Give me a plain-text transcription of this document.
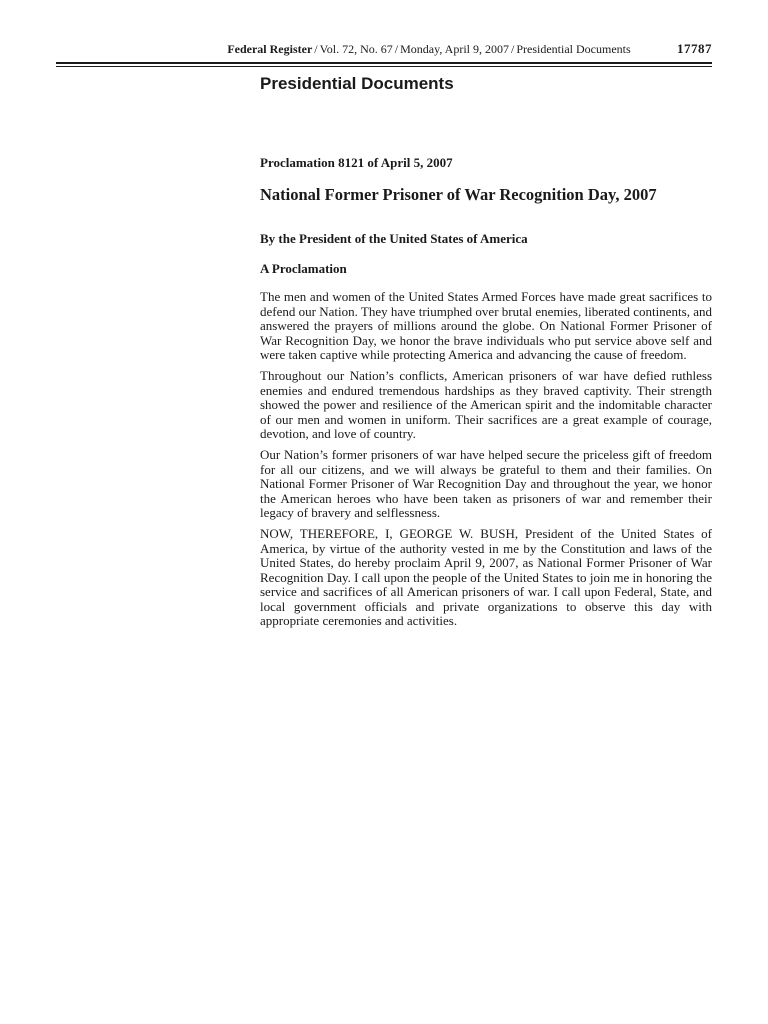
Federal Register / Vol. 72, No. 67 / Monday, April 9, 2007 / Presidential Documents	17787
Presidential Documents
Proclamation 8121 of April 5, 2007
National Former Prisoner of War Recognition Day, 2007
By the President of the United States of America
A Proclamation

The men and women of the United States Armed Forces have made great sacrifices to defend our Nation. They have triumphed over brutal enemies, liberated continents, and answered the prayers of millions around the globe. On National Former Prisoner of War Recognition Day, we honor the brave individuals who put service above self and were taken captive while protecting America and advancing the cause of freedom.

Throughout our Nation’s conflicts, American prisoners of war have defied ruthless enemies and endured tremendous hardships as they braved captivity. Their strength showed the power and resilience of the American spirit and the indomitable character of our men and women in uniform. Their sacrifices are a great example of courage, devotion, and love of country.

Our Nation’s former prisoners of war have helped secure the priceless gift of freedom for all our citizens, and we will always be grateful to them and their families. On National Former Prisoner of War Recognition Day and throughout the year, we honor the American heroes who have been taken as prisoners of war and remember their legacy of bravery and selflessness.

NOW, THEREFORE, I, GEORGE W. BUSH, President of the United States of America, by virtue of the authority vested in me by the Constitution and laws of the United States, do hereby proclaim April 9, 2007, as National Former Prisoner of War Recognition Day. I call upon the people of the United States to join me in honoring the service and sacrifices of all American prisoners of war. I call upon Federal, State, and local government officials and private organizations to observe this day with appropriate ceremonies and activities.
